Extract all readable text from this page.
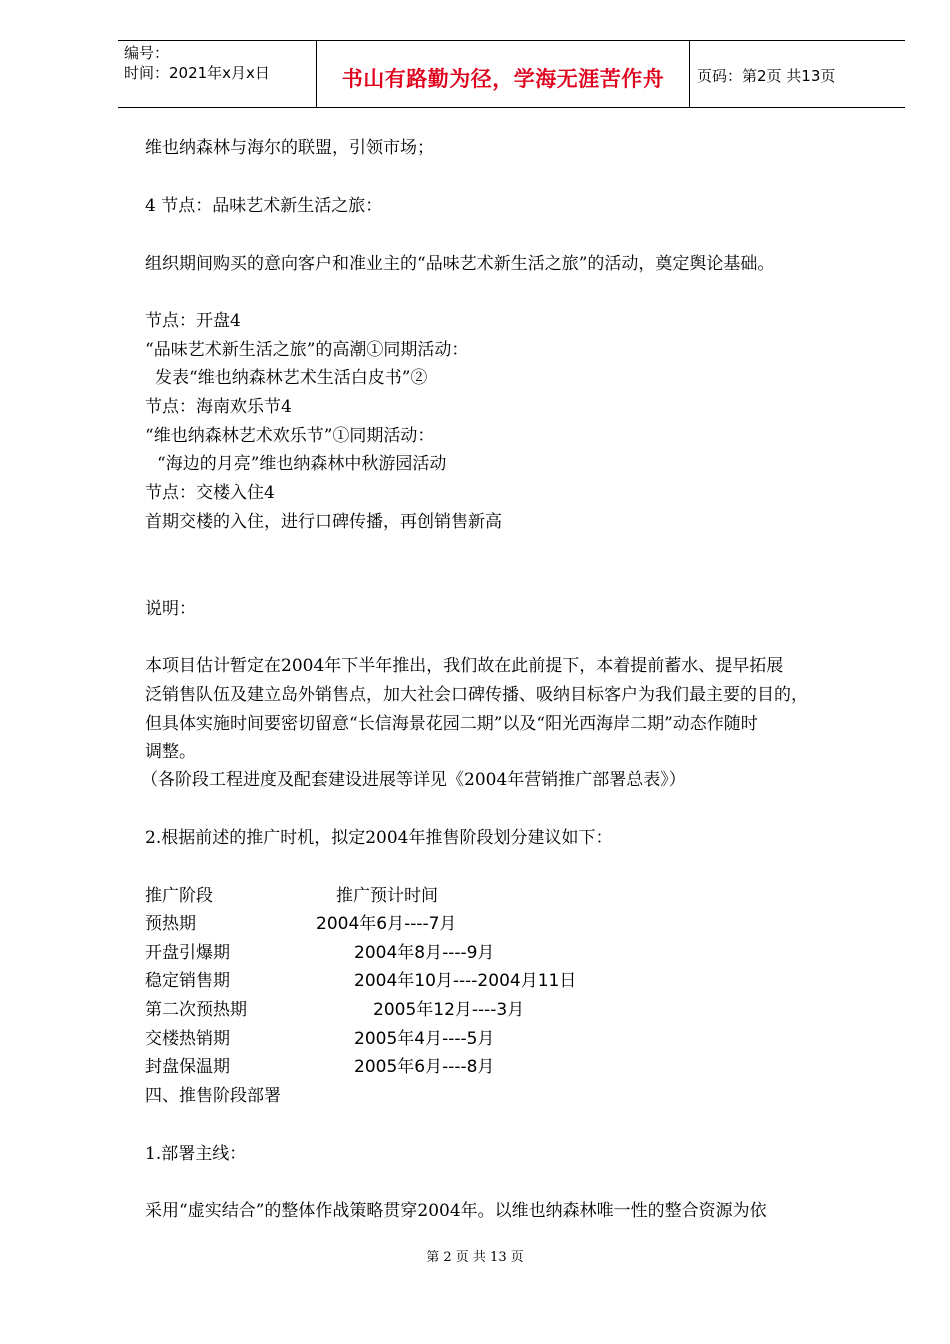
编号：
时间：2021年x月x日	书山有路勤为径，学海无涯苦作舟	页码：第2页 共13页
维也纳森林与海尔的联盟，引领市场；
4 节点：品味艺术新生活之旅：
组织期间购买的意向客户和准业主的“品味艺术新生活之旅”的活动，奠定舆论基础。
节点：开盘4
“品味艺术新生活之旅”的高潮①同期活动：
发表“维也纳森林艺术生活白皮书”②
节点：海南欢乐节4
“维也纳森林艺术欢乐节”①同期活动：
“海边的月亮”维也纳森林中秋游园活动
节点：交楼入住4
首期交楼的入住，进行口碑传播，再创销售新高
说明：
本项目估计暂定在2004年下半年推出，我们故在此前提下，本着提前蓄水、提早拓展
泛销售队伍及建立岛外销售点，加大社会口碑传播、吸纳目标客户为我们最主要的目的，
但具体实施时间要密切留意“长信海景花园二期”以及“阳光西海岸二期”动态作随时
调整。
（各阶段工程进度及配套建设进展等详见《2004年营销推广部署总表》）
2.根据前述的推广时机，拟定2004年推售阶段划分建议如下：
推广阶段	推广预计时间
预热期	2004年6月----7月
开盘引爆期	2004年8月----9月
稳定销售期	2004年10月----2004月11日
第二次预热期	2005年12月----3月
交楼热销期	2005年4月----5月
封盘保温期	2005年6月----8月
四、推售阶段部署
1.部署主线：
采用“虚实结合”的整体作战策略贯穿2004年。以维也纳森林唯一性的整合资源为依
第 2 页 共 13 页
